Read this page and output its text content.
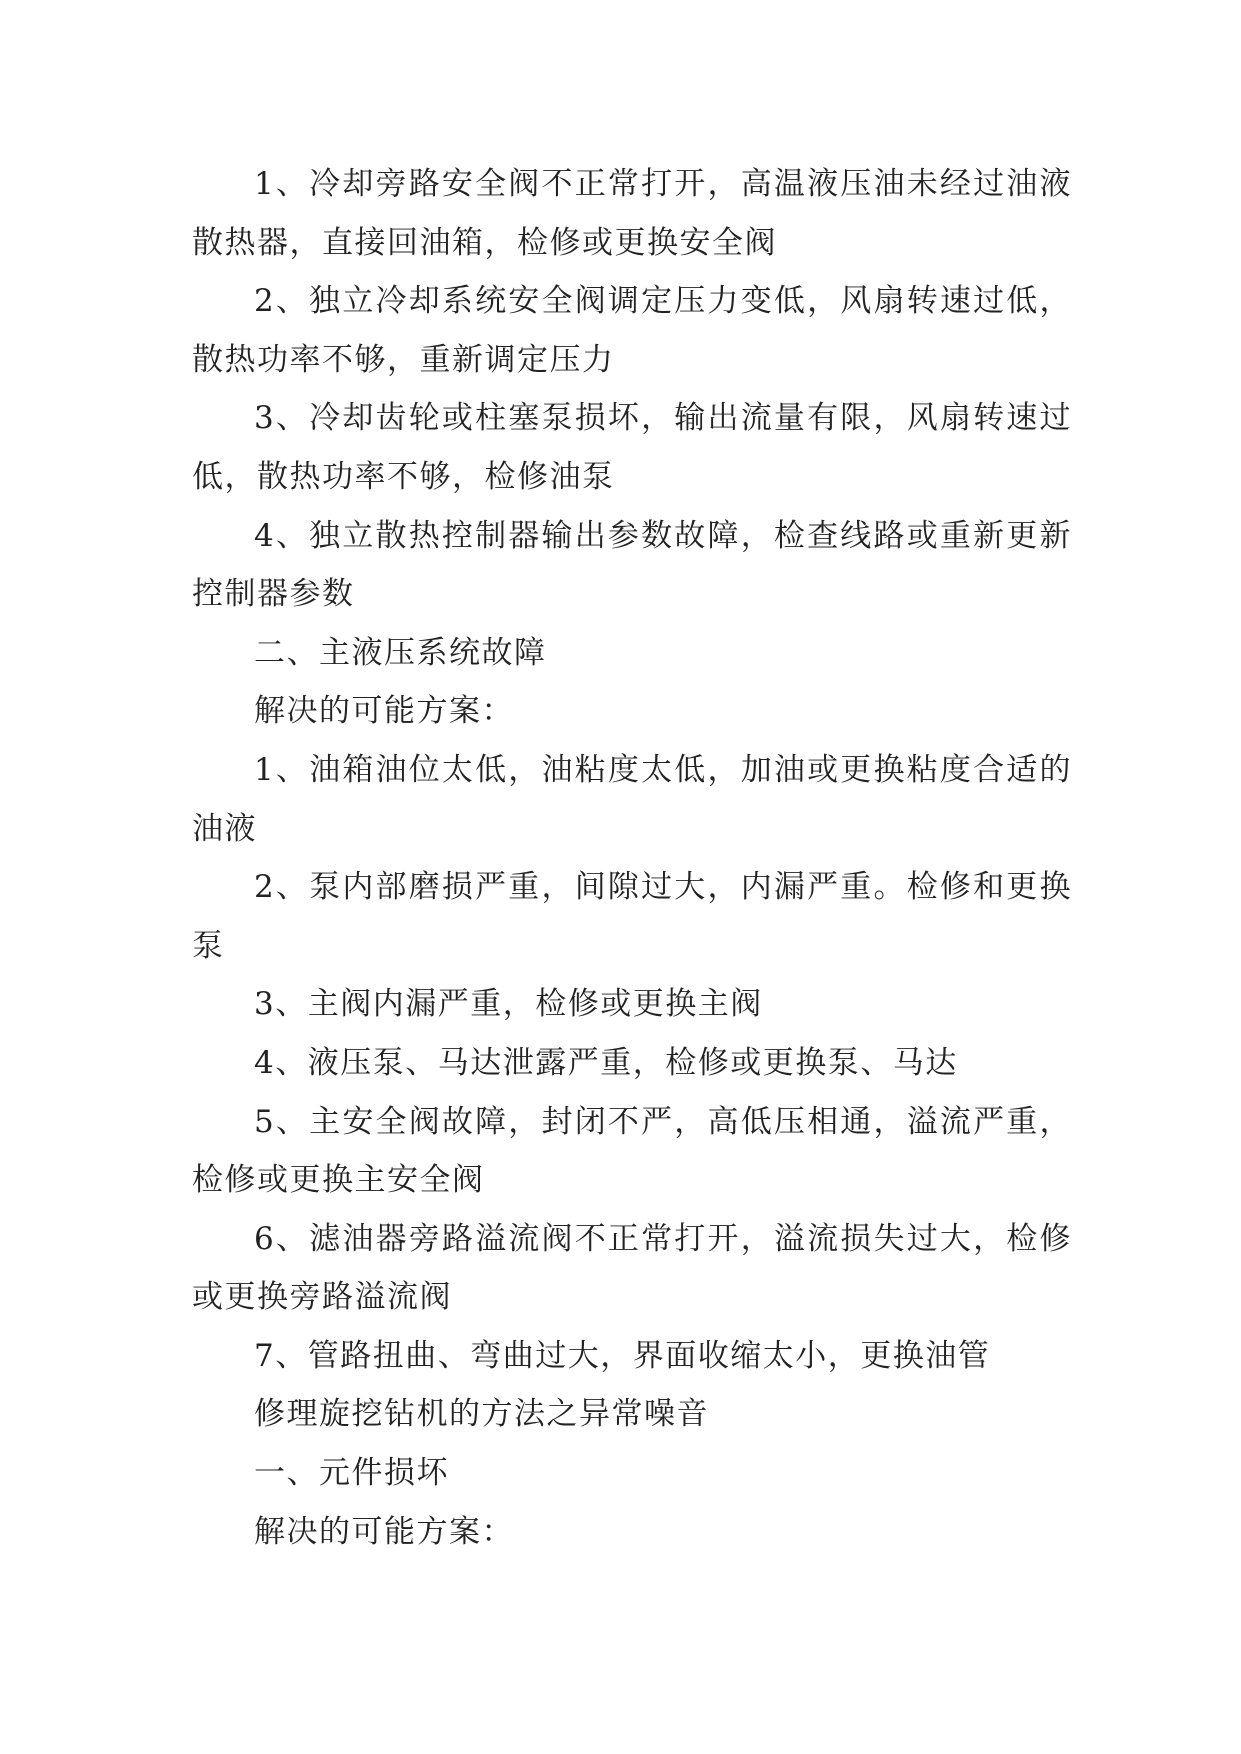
1、冷却旁路安全阀不正常打开，高温液压油未经过油液散热器，直接回油箱，检修或更换安全阀

2、独立冷却系统安全阀调定压力变低，风扇转速过低，散热功率不够，重新调定压力

3、冷却齿轮或柱塞泵损坏，输出流量有限，风扇转速过低，散热功率不够，检修油泵

4、独立散热控制器输出参数故障，检查线路或重新更新控制器参数

二、主液压系统故障

解决的可能方案：

1、油箱油位太低，油粘度太低，加油或更换粘度合适的油液

2、泵内部磨损严重，间隙过大，内漏严重。检修和更换泵

3、主阀内漏严重，检修或更换主阀

4、液压泵、马达泄露严重，检修或更换泵、马达

5、主安全阀故障，封闭不严，高低压相通，溢流严重，检修或更换主安全阀

6、滤油器旁路溢流阀不正常打开，溢流损失过大，检修或更换旁路溢流阀

7、管路扭曲、弯曲过大，界面收缩太小，更换油管

修理旋挖钻机的方法之异常噪音

一、元件损坏

解决的可能方案：
